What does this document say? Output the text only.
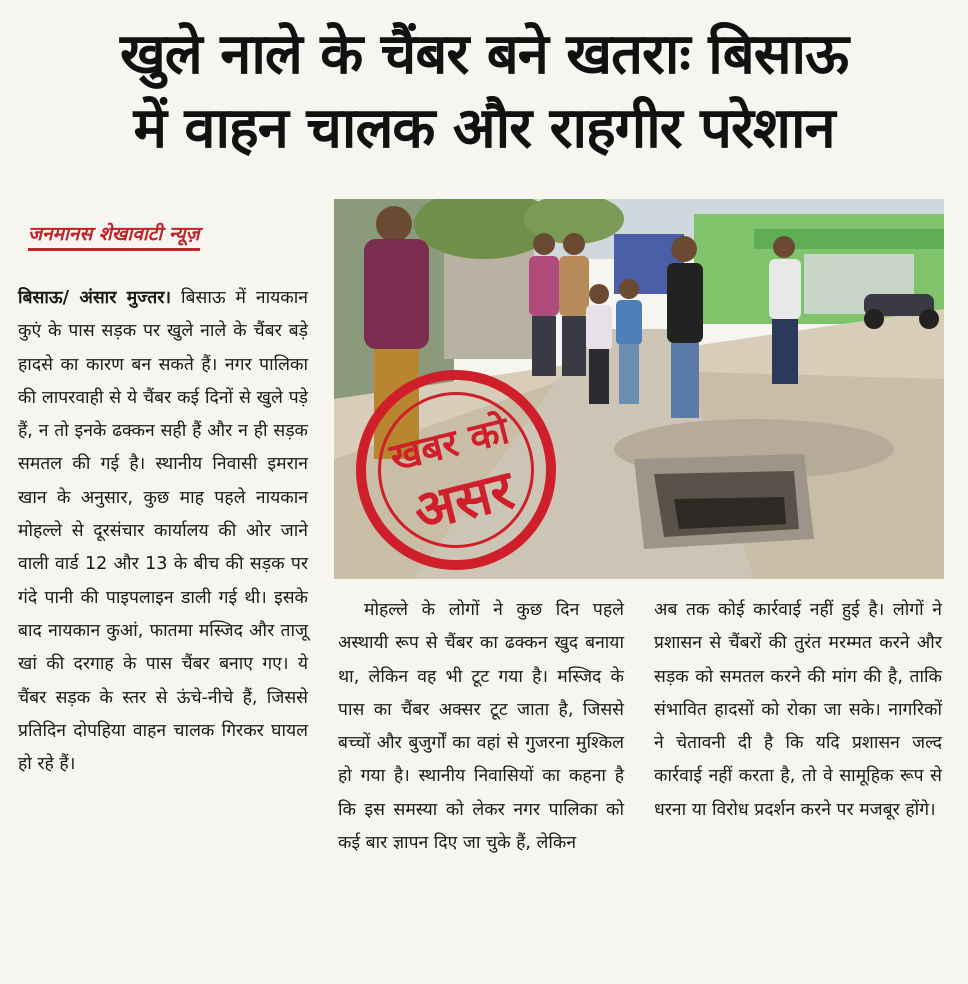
खुले नाले के चैंबर बने खतराः बिसाऊ
में वाहन चालक और राहगीर परेशान
जनमानस शेखावाटी न्यूज़
बिसाऊ/ अंसार मुज्तर। बिसाऊ में नायकान कुएं के पास सड़क पर खुले नाले के चैंबर बड़े हादसे का कारण बन सकते हैं। नगर पालिका की लापरवाही से ये चैंबर कई दिनों से खुले पड़े हैं, न तो इनके ढक्कन सही हैं और न ही सड़क समतल की गई है। स्थानीय निवासी इमरान खान के अनुसार, कुछ माह पहले नायकान मोहल्ले से दूरसंचार कार्यालय की ओर जाने वाली वार्ड 12 और 13 के बीच की सड़क पर गंदे पानी की पाइपलाइन डाली गई थी। इसके बाद नायकान कुआं, फातमा मस्जिद और ताजू खां की दरगाह के पास चैंबर बनाए गए। ये चैंबर सड़क के स्तर से ऊंचे-नीचे हैं, जिससे प्रतिदिन दोपहिया वाहन चालक गिरकर घायल हो रहे हैं।
खबर को
असर
मोहल्ले के लोगों ने कुछ दिन पहले अस्थायी रूप से चैंबर का ढक्कन खुद बनाया था, लेकिन वह भी टूट गया है। मस्जिद के पास का चैंबर अक्सर टूट जाता है, जिससे बच्चों और बुजुर्गों का वहां से गुजरना मुश्किल हो गया है। स्थानीय निवासियों का कहना है कि इस समस्या को लेकर नगर पालिका को कई बार ज्ञापन दिए जा चुके हैं, लेकिन
अब तक कोई कार्रवाई नहीं हुई है। लोगों ने प्रशासन से चैंबरों की तुरंत मरम्मत करने और सड़क को समतल करने की मांग की है, ताकि संभावित हादसों को रोका जा सके। नागरिकों ने चेतावनी दी है कि यदि प्रशासन जल्द कार्रवाई नहीं करता है, तो वे सामूहिक रूप से धरना या विरोध प्रदर्शन करने पर मजबूर होंगे।
